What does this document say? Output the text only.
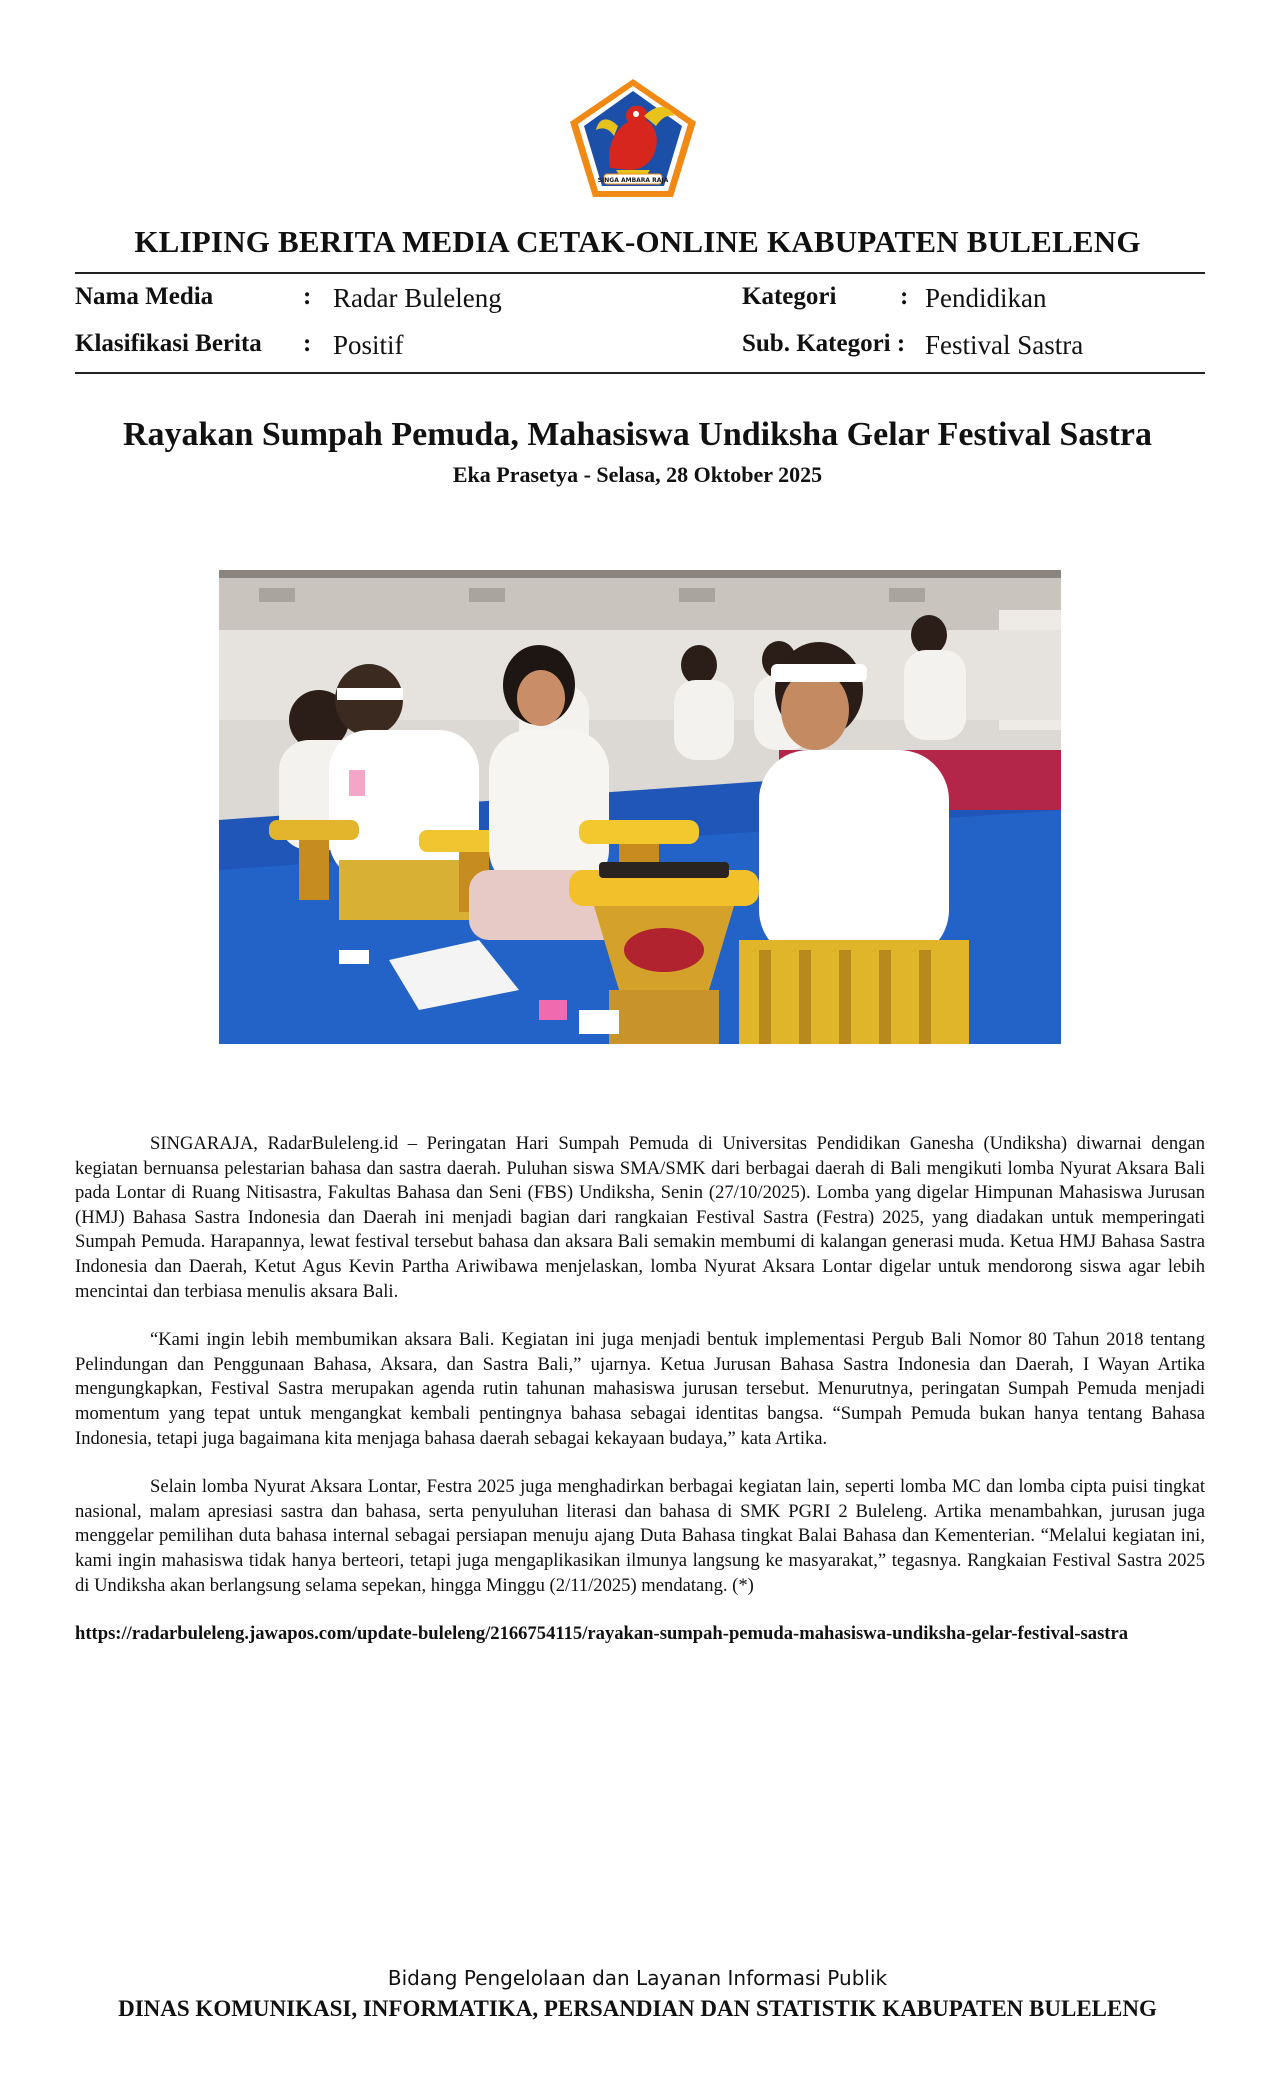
SINGA AMBARA RAJA
KLIPING BERITA MEDIA CETAK-ONLINE KABUPATEN BULELENG
Nama Media	: Radar Buleleng
Klasifikasi Berita : Positif
Kategori	: Pendidikan
Sub. Kategori : Festival Sastra
Rayakan Sumpah Pemuda, Mahasiswa Undiksha Gelar Festival Sastra
Eka Prasetya - Selasa, 28 Oktober 2025

SINGARAJA, RadarBuleleng.id – Peringatan Hari Sumpah Pemuda di Universitas Pendidikan Ganesha (Undiksha) diwarnai dengan kegiatan bernuansa pelestarian bahasa dan sastra daerah. Puluhan siswa SMA/SMK dari berbagai daerah di Bali mengikuti lomba Nyurat Aksara Bali pada Lontar di Ruang Nitisastra, Fakultas Bahasa dan Seni (FBS) Undiksha, Senin (27/10/2025). Lomba yang digelar Himpunan Mahasiswa Jurusan (HMJ) Bahasa Sastra Indonesia dan Daerah ini menjadi bagian dari rangkaian Festival Sastra (Festra) 2025, yang diadakan untuk memperingati Sumpah Pemuda. Harapannya, lewat festival tersebut bahasa dan aksara Bali semakin membumi di kalangan generasi muda. Ketua HMJ Bahasa Sastra Indonesia dan Daerah, Ketut Agus Kevin Partha Ariwibawa menjelaskan, lomba Nyurat Aksara Lontar digelar untuk mendorong siswa agar lebih mencintai dan terbiasa menulis aksara Bali.

“Kami ingin lebih membumikan aksara Bali. Kegiatan ini juga menjadi bentuk implementasi Pergub Bali Nomor 80 Tahun 2018 tentang Pelindungan dan Penggunaan Bahasa, Aksara, dan Sastra Bali,” ujarnya. Ketua Jurusan Bahasa Sastra Indonesia dan Daerah, I Wayan Artika mengungkapkan, Festival Sastra merupakan agenda rutin tahunan mahasiswa jurusan tersebut. Menurutnya, peringatan Sumpah Pemuda menjadi momentum yang tepat untuk mengangkat kembali pentingnya bahasa sebagai identitas bangsa. “Sumpah Pemuda bukan hanya tentang Bahasa Indonesia, tetapi juga bagaimana kita menjaga bahasa daerah sebagai kekayaan budaya,” kata Artika.

Selain lomba Nyurat Aksara Lontar, Festra 2025 juga menghadirkan berbagai kegiatan lain, seperti lomba MC dan lomba cipta puisi tingkat nasional, malam apresiasi sastra dan bahasa, serta penyuluhan literasi dan bahasa di SMK PGRI 2 Buleleng. Artika menambahkan, jurusan juga menggelar pemilihan duta bahasa internal sebagai persiapan menuju ajang Duta Bahasa tingkat Balai Bahasa dan Kementerian. “Melalui kegiatan ini, kami ingin mahasiswa tidak hanya berteori, tetapi juga mengaplikasikan ilmunya langsung ke masyarakat,” tegasnya. Rangkaian Festival Sastra 2025 di Undiksha akan berlangsung selama sepekan, hingga Minggu (2/11/2025) mendatang. (*)

https://radarbuleleng.jawapos.com/update-buleleng/2166754115/rayakan-sumpah-pemuda-mahasiswa-undiksha-gelar-festival-sastra
Bidang Pengelolaan dan Layanan Informasi Publik
DINAS KOMUNIKASI, INFORMATIKA, PERSANDIAN DAN STATISTIK KABUPATEN BULELENG
